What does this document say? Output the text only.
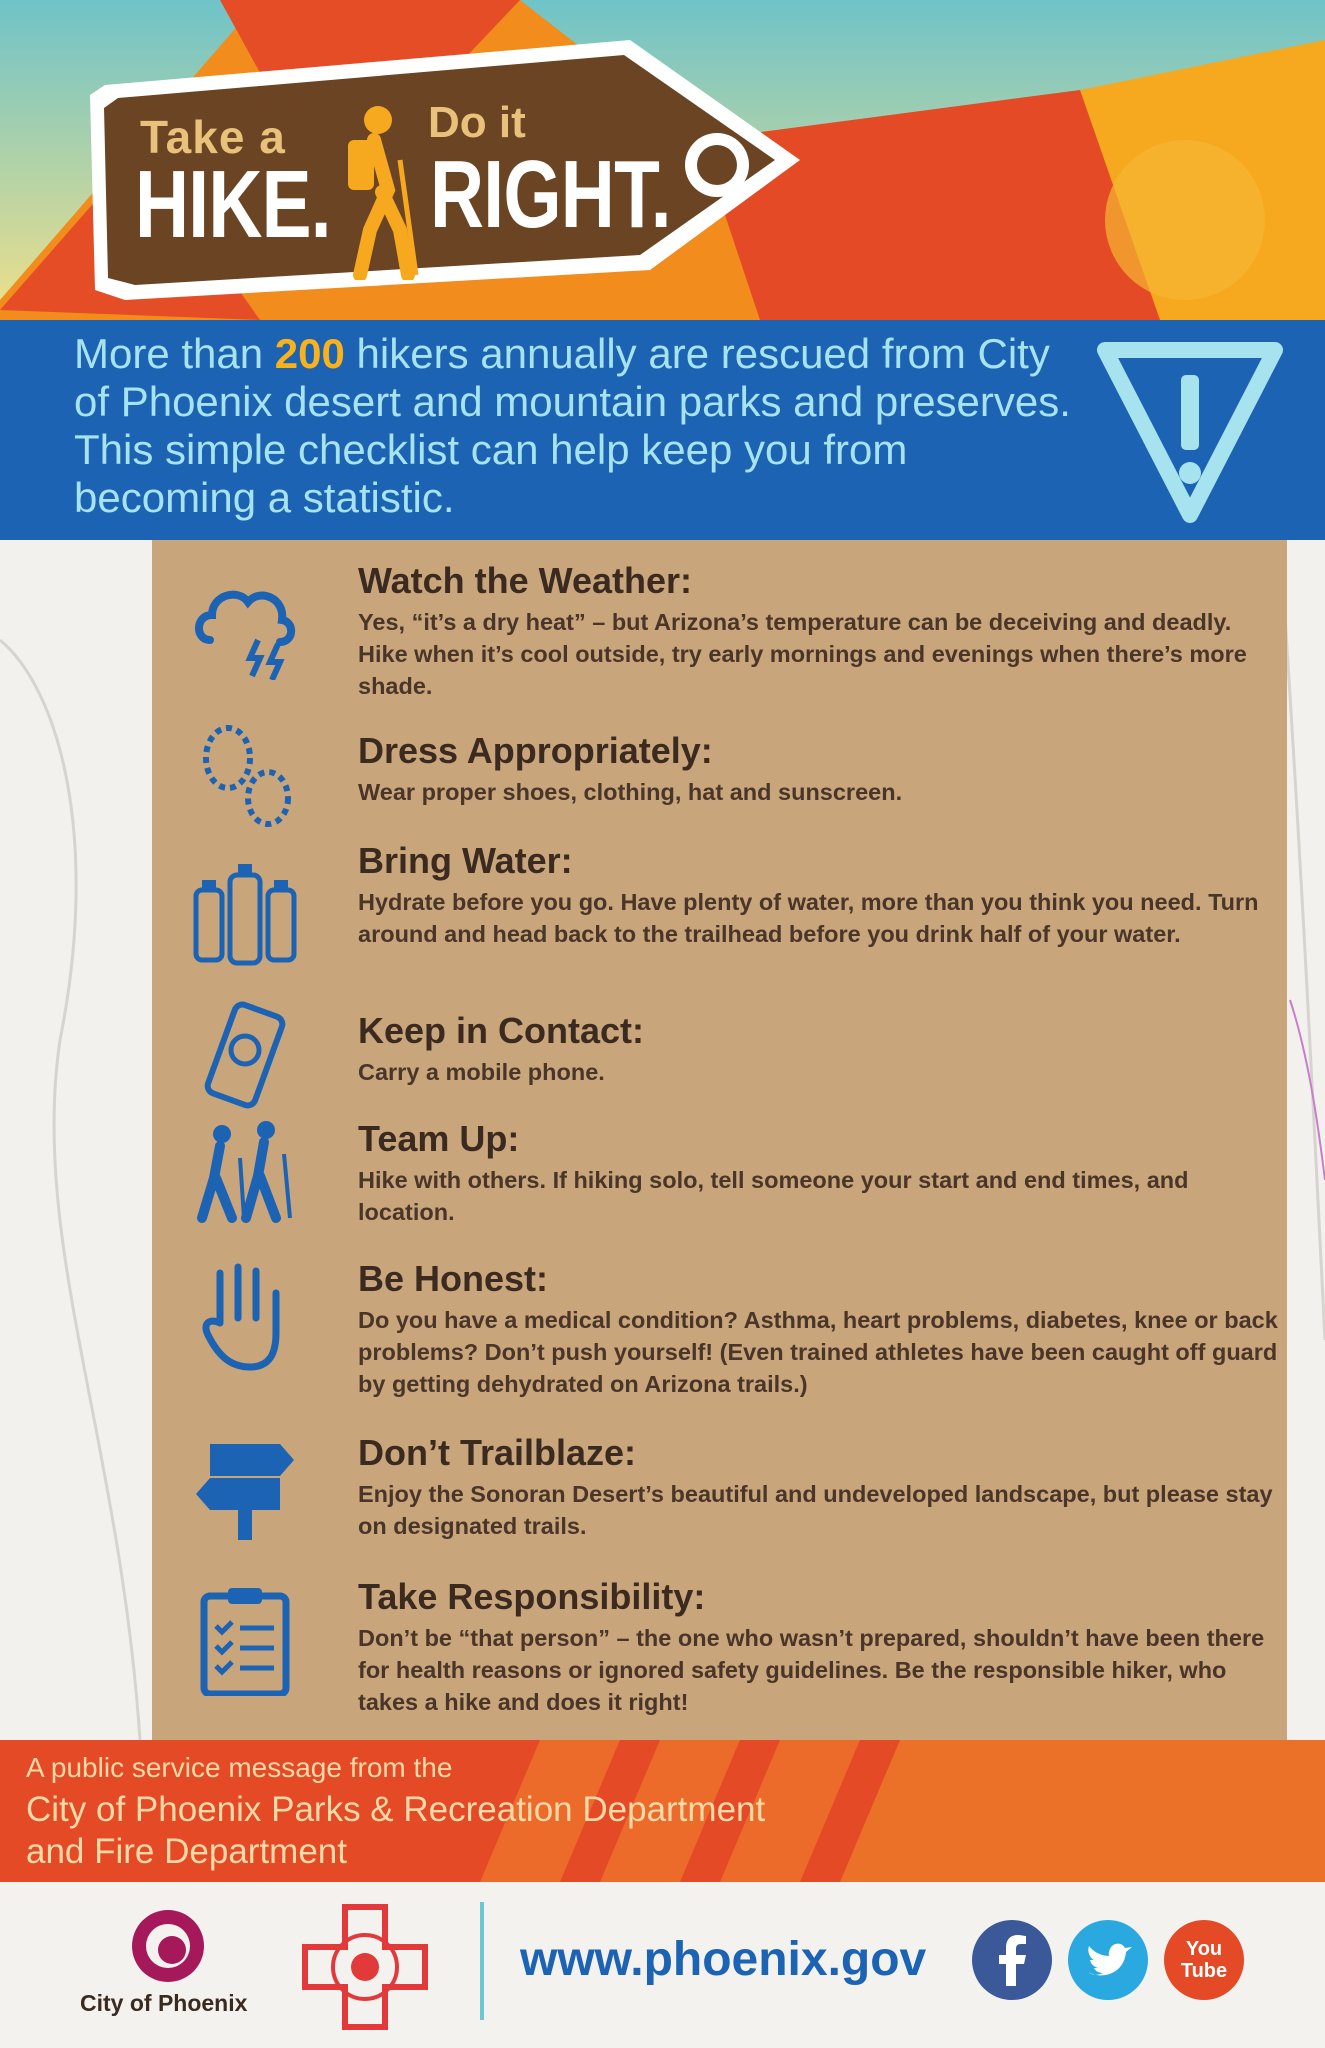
Take a	Do it
HIKE. RIGHT.
More than 200 hikers annually are rescued from City of Phoenix desert and mountain parks and preserves. This simple checklist can help keep you from becoming a statistic.
Watch the Weather:
Yes, “it’s a dry heat” – but Arizona’s temperature can be deceiving and deadly. Hike when it’s cool outside, try early mornings and evenings when there’s more shade.
Dress Appropriately:
Wear proper shoes, clothing, hat and sunscreen.
Bring Water:
Hydrate before you go. Have plenty of water, more than you think you need. Turn around and head back to the trailhead before you drink half of your water.
Keep in Contact:
Carry a mobile phone.
Team Up:
Hike with others. If hiking solo, tell someone your start and end times, and location.
Be Honest:
Do you have a medical condition? Asthma, heart problems, diabetes, knee or back problems? Don’t push yourself! (Even trained athletes have been caught off guard by getting dehydrated on Arizona trails.)
Don’t Trailblaze:
Enjoy the Sonoran Desert’s beautiful and undeveloped landscape, but please stay on designated trails.
Take Responsibility:
Don’t be “that person” – the one who wasn’t prepared, shouldn’t have been there for health reasons or ignored safety guidelines. Be the responsible hiker, who takes a hike and does it right!
A public service message from the
City of Phoenix Parks & Recreation Department
and Fire Department
City of Phoenix
www.phoenix.gov	You
Tube
